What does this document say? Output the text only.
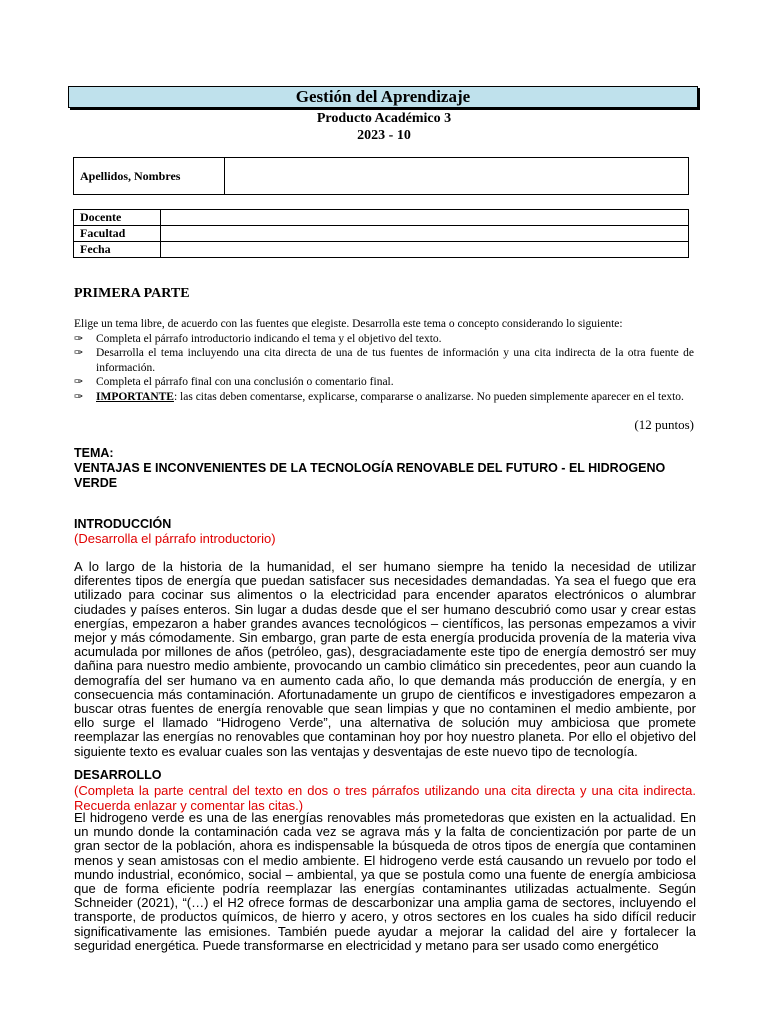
Gestión del Aprendizaje
Producto Académico 3
2023 - 10
Apellidos, Nombres
Docente
Facultad
Fecha
PRIMERA PARTE

Elige un tema libre, de acuerdo con las fuentes que elegiste. Desarrolla este tema o concepto considerando lo siguiente:

✑ Completa el párrafo introductorio indicando el tema y el objetivo del texto.
✑ Desarrolla el tema incluyendo una cita directa de una de tus fuentes de información y una cita indirecta de la otra fuente de información.
✑ Completa el párrafo final con una conclusión o comentario final.
✑ IMPORTANTE: las citas deben comentarse, explicarse, compararse o analizarse. No pueden simplemente aparecer en el texto.
(12 puntos)
TEMA:
VENTAJAS E INCONVENIENTES DE LA TECNOLOGÍA RENOVABLE DEL FUTURO - EL HIDROGENO VERDE
INTRODUCCIÓN
(Desarrolla el párrafo introductorio)

A lo largo de la historia de la humanidad, el ser humano siempre ha tenido la necesidad de utilizar diferentes tipos de energía que puedan satisfacer sus necesidades demandadas. Ya sea el fuego que era utilizado para cocinar sus alimentos o la electricidad para encender aparatos electrónicos o alumbrar ciudades y países enteros. Sin lugar a dudas desde que el ser humano descubrió como usar y crear estas energías, empezaron a haber grandes avances tecnológicos – científicos, las personas empezamos a vivir mejor y más cómodamente. Sin embargo, gran parte de esta energía producida provenía de la materia viva acumulada por millones de años (petróleo, gas), desgraciadamente este tipo de energía demostró ser muy dañina para nuestro medio ambiente, provocando un cambio climático sin precedentes, peor aun cuando la demografía del ser humano va en aumento cada año, lo que demanda más producción de energía, y en consecuencia más contaminación. Afortunadamente un grupo de científicos e investigadores empezaron a buscar otras fuentes de energía renovable que sean limpias y que no contaminen el medio ambiente, por ello surge el llamado “Hidrogeno Verde”, una alternativa de solución muy ambiciosa que promete reemplazar las energías no renovables que contaminan hoy por hoy nuestro planeta. Por ello el objetivo del siguiente texto es evaluar cuales son las ventajas y desventajas de este nuevo tipo de tecnología.

DESARROLLO
(Completa la parte central del texto en dos o tres párrafos utilizando una cita directa y una cita indirecta. Recuerda enlazar y comentar las citas.)

El hidrogeno verde es una de las energías renovables más prometedoras que existen en la actualidad. En un mundo donde la contaminación cada vez se agrava más y la falta de concientización por parte de un gran sector de la población, ahora es indispensable la búsqueda de otros tipos de energía que contaminen menos y sean amistosas con el medio ambiente. El hidrogeno verde está causando un revuelo por todo el mundo industrial, económico, social – ambiental, ya que se postula como una fuente de energía ambiciosa que de forma eficiente podría reemplazar las energías contaminantes utilizadas actualmente. Según Schneider (2021), “(…) el H2 ofrece formas de descarbonizar una amplia gama de sectores, incluyendo el transporte, de productos químicos, de hierro y acero, y otros sectores en los cuales ha sido difícil reducir significativamente las emisiones. También puede ayudar a mejorar la calidad del aire y fortalecer la seguridad energética. Puede transformarse en electricidad y metano para ser usado como energético
